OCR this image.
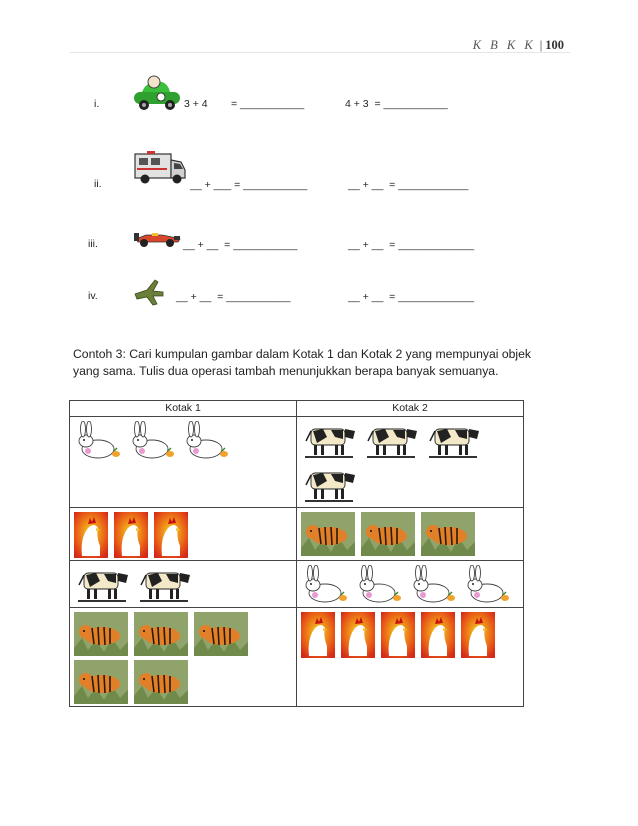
K B K K | 100
i.	3 + 4        = ___________	4 + 3  = ___________
ii.	__ + ___ = ___________	__ + __  = ____________
iii.	__ + __  = ___________	__ + __  = _____________
iv.	__ + __  = ___________	__ + __  = _____________
Contoh 3: Cari kumpulan gambar dalam Kotak 1 dan Kotak 2 yang mempunyai objek yang sama. Tulis dua operasi tambah menunjukkan berapa banyak semuanya.
Kotak 1	Kotak 2
